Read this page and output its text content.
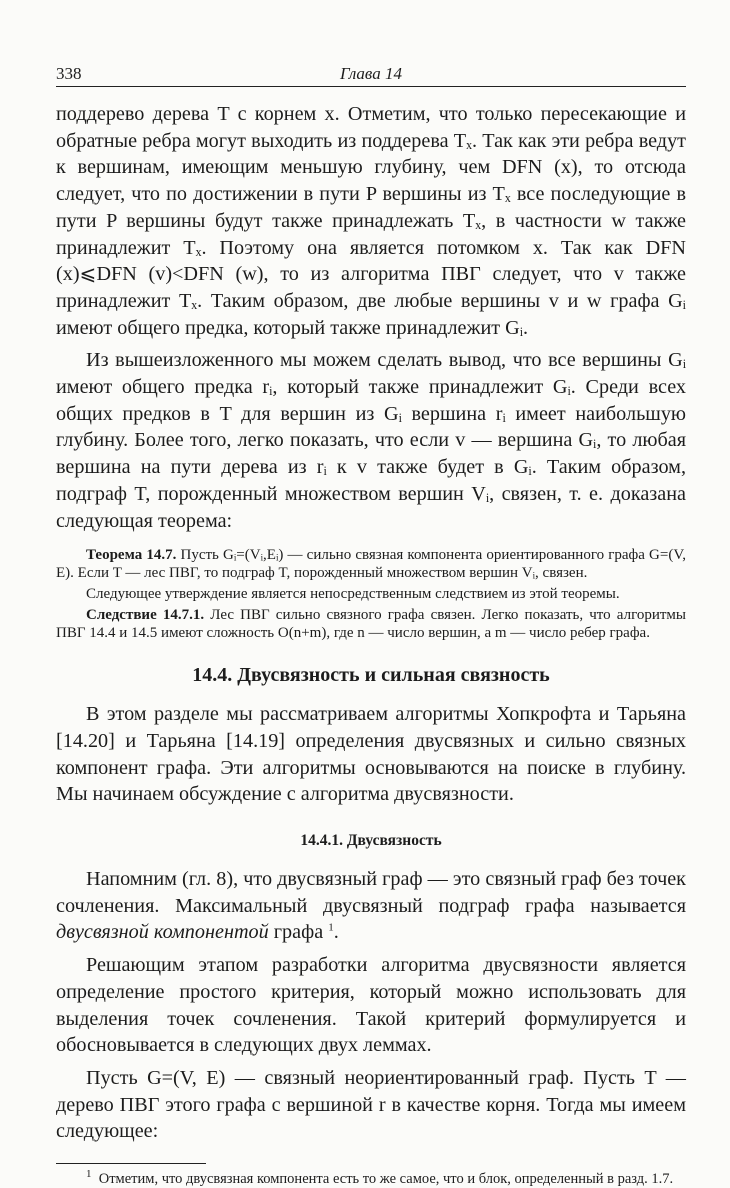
338	Глава 14

поддерево дерева T с корнем x. Отметим, что только пересекающие и обратные ребра могут выходить из поддерева Tₓ. Так как эти ребра ведут к вершинам, имеющим меньшую глубину, чем DFN (x), то отсюда следует, что по достижении в пути P вершины из Tₓ все последующие в пути P вершины будут также принадлежать Tₓ, в частности w также принадлежит Tₓ. Поэтому она является потомком x. Так как DFN (x)⩽DFN (v)<DFN (w), то из алгоритма ПВГ следует, что v также принадлежит Tₓ. Таким образом, две любые вершины v и w графа Gᵢ имеют общего предка, который также принадлежит Gᵢ.

Из вышеизложенного мы можем сделать вывод, что все вершины Gᵢ имеют общего предка rᵢ, который также принадлежит Gᵢ. Среди всех общих предков в T для вершин из Gᵢ вершина rᵢ имеет наибольшую глубину. Более того, легко показать, что если v — вершина Gᵢ, то любая вершина на пути дерева из rᵢ к v также будет в Gᵢ. Таким образом, подграф T, порожденный множеством вершин Vᵢ, связен, т. е. доказана следующая теорема:

Теорема 14.7. Пусть Gᵢ=(Vᵢ,Eᵢ) — сильно связная компонента ориентированного графа G=(V, E). Если T — лес ПВГ, то подграф T, порожденный множеством вершин Vᵢ, связен.

Следующее утверждение является непосредственным следствием из этой теоремы.

Следствие 14.7.1. Лес ПВГ сильно связного графа связен. Легко показать, что алгоритмы ПВГ 14.4 и 14.5 имеют сложность O(n+m), где n — число вершин, а m — число ребер графа.

14.4. Двусвязность и сильная связность

В этом разделе мы рассматриваем алгоритмы Хопкрофта и Тарьяна [14.20] и Тарьяна [14.19] определения двусвязных и сильно связных компонент графа. Эти алгоритмы основываются на поиске в глубину. Мы начинаем обсуждение с алгоритма двусвязности.

14.4.1. Двусвязность

Напомним (гл. 8), что двусвязный граф — это связный граф без точек сочленения. Максимальный двусвязный подграф графа называется двусвязной компонентой графа $^1$.

Решающим этапом разработки алгоритма двусвязности является определение простого критерия, который можно использовать для выделения точек сочленения. Такой критерий формулируется и обосновывается в следующих двух леммах.

Пусть G=(V, E) — связный неориентированный граф. Пусть T — дерево ПВГ этого графа с вершиной r в качестве корня. Тогда мы имеем следующее:

$^1$ Отметим, что двусвязная компонента есть то же самое, что и блок, определенный в разд. 1.7.
